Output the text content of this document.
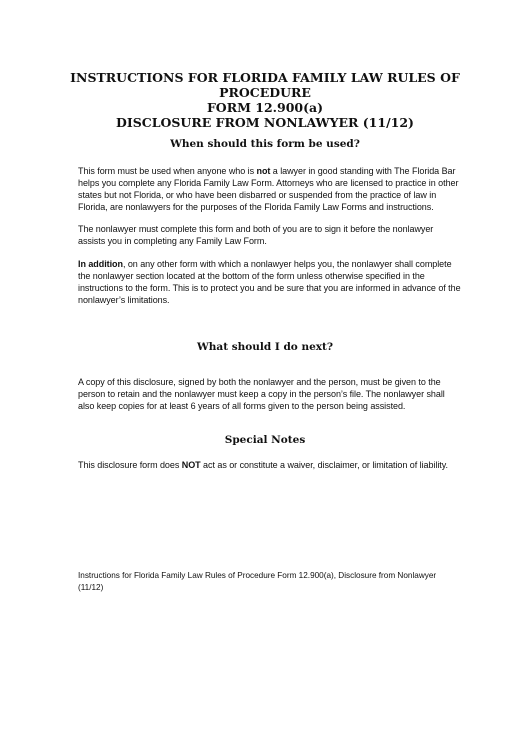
INSTRUCTIONS FOR FLORIDA FAMILY LAW RULES OF PROCEDURE
FORM 12.900(a)
DISCLOSURE FROM NONLAWYER (11/12)
When should this form be used?

This form must be used when anyone who is not a lawyer in good standing with The Florida Bar helps you complete any Florida Family Law Form. Attorneys who are licensed to practice in other states but not Florida, or who have been disbarred or suspended from the practice of law in Florida, are nonlawyers for the purposes of the Florida Family Law Forms and instructions.

The nonlawyer must complete this form and both of you are to sign it before the nonlawyer assists you in completing any Family Law Form.

In addition, on any other form with which a nonlawyer helps you, the nonlawyer shall complete the nonlawyer section located at the bottom of the form unless otherwise specified in the instructions to the form. This is to protect you and be sure that you are informed in advance of the nonlawyer’s limitations.

What should I do next?

A copy of this disclosure, signed by both the nonlawyer and the person, must be given to the person to retain and the nonlawyer must keep a copy in the person’s file. The nonlawyer shall also keep copies for at least 6 years of all forms given to the person being assisted.

Special Notes

This disclosure form does NOT act as or constitute a waiver, disclaimer, or limitation of liability.

Instructions for Florida Family Law Rules of Procedure Form 12.900(a), Disclosure from Nonlawyer (11/12)
